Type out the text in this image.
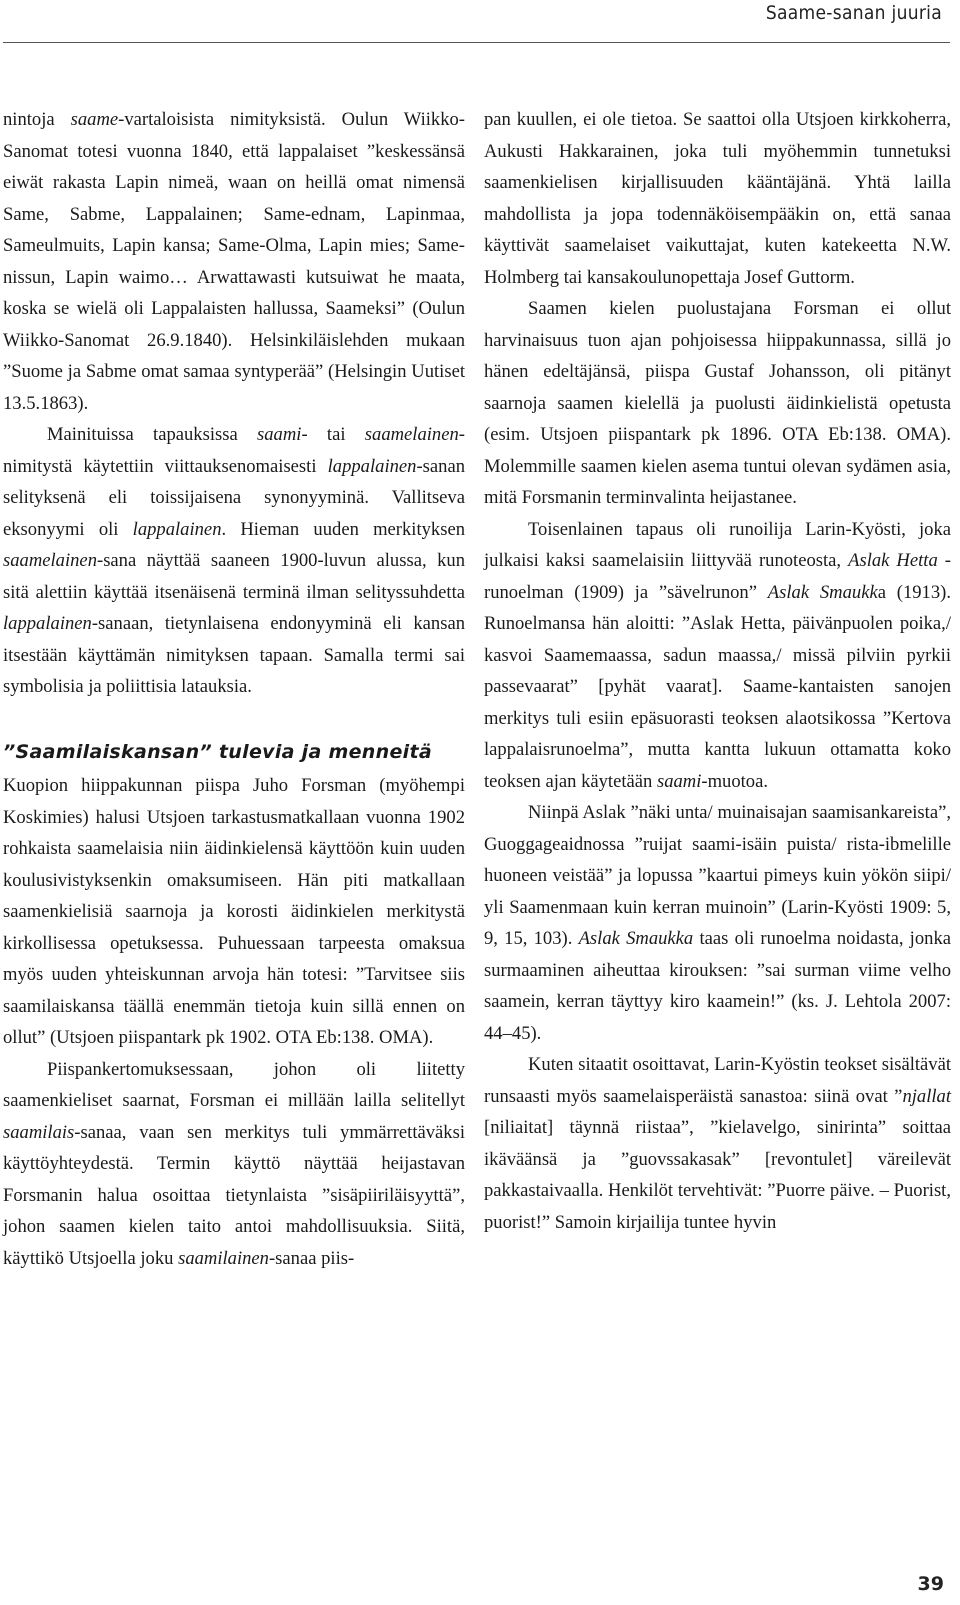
Saame-sanan juuria

nintoja saame-vartaloisista nimityksistä. Oulun Wiikko-Sanomat totesi vuonna 1840, että lappalaiset ”keskessänsä eiwät rakasta Lapin nimeä, waan on heillä omat nimensä Same, Sabme, Lappalainen; Same-ednam, Lapinmaa, Sameulmuits, Lapin kansa; Same-Olma, Lapin mies; Same-nissun, Lapin waimo… Arwattawasti kutsuiwat he maata, koska se wielä oli Lappalaisten hallussa, Saameksi” (Oulun Wiikko-Sanomat 26.9.1840). Helsinkiläislehden mukaan ”Suome ja Sabme omat samaa syntyperää” (Helsingin Uutiset 13.5.1863).

Mainituissa tapauksissa saami- tai saamelainen-nimitystä käytettiin viittauksenomaisesti lappalainen-sanan selityksenä eli toissijaisena synonyyminä. Vallitseva eksonyymi oli lappalainen. Hieman uuden merkityksen saamelainen-sana näyttää saaneen 1900-luvun alussa, kun sitä alettiin käyttää itsenäisenä terminä ilman selityssuhdetta lappalainen-sanaan, tietynlaisena endonyyminä eli kansan itsestään käyttämän nimityksen tapaan. Samalla termi sai symbolisia ja poliittisia latauksia.

”Saamilaiskansan” tulevia ja menneitä

Kuopion hiippakunnan piispa Juho Forsman (myöhempi Koskimies) halusi Utsjoen tarkastusmatkallaan vuonna 1902 rohkaista saamelaisia niin äidinkielensä käyttöön kuin uuden koulusivistyksenkin omaksumiseen. Hän piti matkallaan saamenkielisiä saarnoja ja korosti äidinkielen merkitystä kirkollisessa opetuksessa. Puhuessaan tarpeesta omaksua myös uuden yhteiskunnan arvoja hän totesi: ”Tarvitsee siis saamilaiskansa täällä enemmän tietoja kuin sillä ennen on ollut” (Utsjoen piispantark pk 1902. OTA Eb:138. OMA).

Piispankertomuksessaan, johon oli liitetty saamenkieliset saarnat, Forsman ei millään lailla selitellyt saamilais-sanaa, vaan sen merkitys tuli ymmärrettäväksi käyttöyhteydestä. Termin käyttö näyttää heijastavan Forsmanin halua osoittaa tietynlaista ”sisäpiiriläisyyttä”, johon saamen kielen taito antoi mahdollisuuksia. Siitä, käyttikö Utsjoella joku saamilainen-sanaa piis-

pan kuullen, ei ole tietoa. Se saattoi olla Utsjoen kirkkoherra, Aukusti Hakkarainen, joka tuli myöhemmin tunnetuksi saamenkielisen kirjallisuuden kääntäjänä. Yhtä lailla mahdollista ja jopa todennäköisempääkin on, että sanaa käyttivät saamelaiset vaikuttajat, kuten katekeetta N.W. Holmberg tai kansakoulunopettaja Josef Guttorm.

Saamen kielen puolustajana Forsman ei ollut harvinaisuus tuon ajan pohjoisessa hiippakunnassa, sillä jo hänen edeltäjänsä, piispa Gustaf Johansson, oli pitänyt saarnoja saamen kielellä ja puolusti äidinkielistä opetusta (esim. Utsjoen piispantark pk 1896. OTA Eb:138. OMA). Molemmille saamen kielen asema tuntui olevan sydämen asia, mitä Forsmanin terminvalinta heijastanee.

Toisenlainen tapaus oli runoilija Larin-Kyösti, joka julkaisi kaksi saamelaisiin liittyvää runoteosta, Aslak Hetta -runoelman (1909) ja ”sävelrunon” Aslak Smaukka (1913). Runoelmansa hän aloitti: ”Aslak Hetta, päivänpuolen poika,/ kasvoi Saamemaassa, sadun maassa,/ missä pilviin pyrkii passevaarat” [pyhät vaarat]. Saame-kantaisten sanojen merkitys tuli esiin epäsuorasti teoksen alaotsikossa ”Kertova lappalaisrunoelma”, mutta kantta lukuun ottamatta koko teoksen ajan käytetään saami-muotoa.

Niinpä Aslak ”näki unta/ muinaisajan saamisankareista”, Guoggageaidnossa ”ruijat saami-isäin puista/ rista-ibmelille huoneen veistää” ja lopussa ”kaartui pimeys kuin yökön siipi/ yli Saamenmaan kuin kerran muinoin” (Larin-Kyösti 1909: 5, 9, 15, 103). Aslak Smaukka taas oli runoelma noidasta, jonka surmaaminen aiheuttaa kirouksen: ”sai surman viime velho saamein, kerran täyttyy kiro kaamein!” (ks. J. Lehtola 2007: 44–45).

Kuten sitaatit osoittavat, Larin-Kyöstin teokset sisältävät runsaasti myös saamelaisperäistä sanastoa: siinä ovat ”njallat [niliaitat] täynnä riistaa”, ”kielavelgo, sinirinta” soittaa ikäväänsä ja ”guovssakasak” [revontulet] väreilevät pakkastaivaalla. Henkilöt tervehtivät: ”Puorre päive. – Puorist, puorist!” Samoin kirjailija tuntee hyvin

39
